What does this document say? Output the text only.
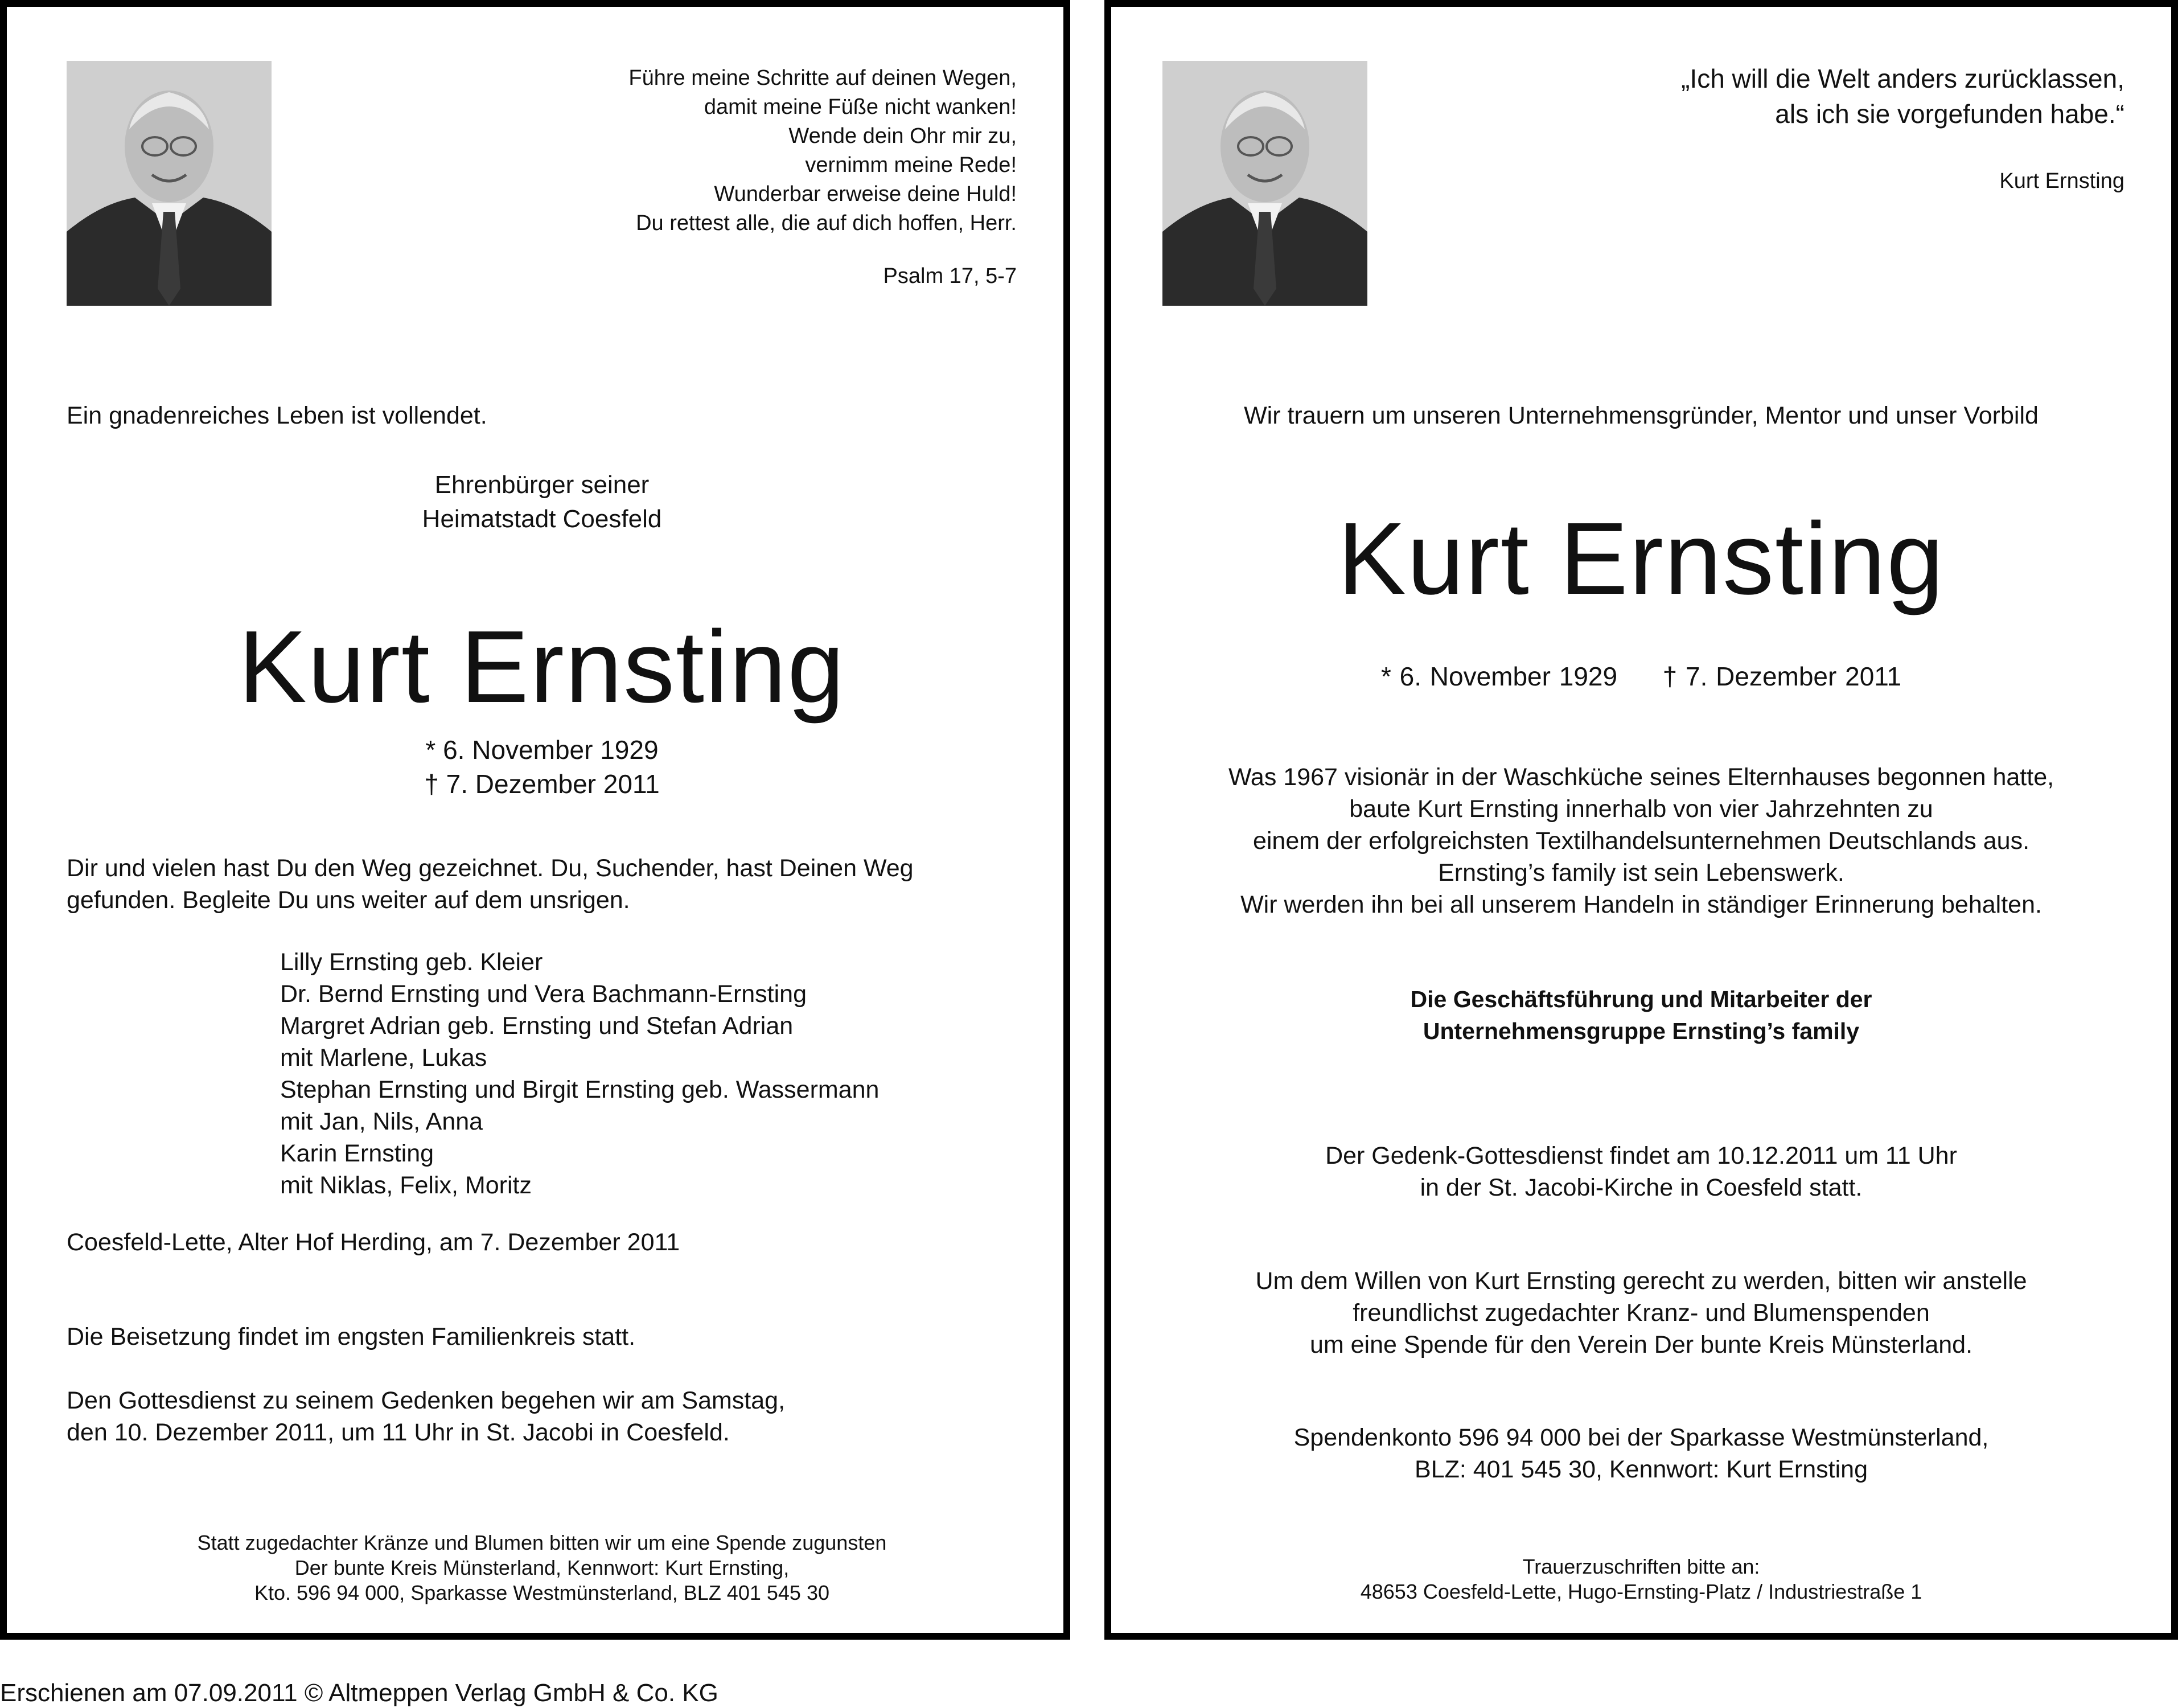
Führe meine Schritte auf deinen Wegen,
damit meine Füße nicht wanken!
Wende dein Ohr mir zu,
vernimm meine Rede!
Wunderbar erweise deine Huld!
Du rettest alle, die auf dich hoffen, Herr.
Psalm 17, 5-7
Ein gnadenreiches Leben ist vollendet.
Ehrenbürger seiner
Heimatstadt Coesfeld
Kurt Ernsting
* 6. November 1929
† 7. Dezember 2011
Dir und vielen hast Du den Weg gezeichnet. Du, Suchender, hast Deinen Weg
gefunden. Begleite Du uns weiter auf dem unsrigen.
Lilly Ernsting geb. Kleier
Dr. Bernd Ernsting und Vera Bachmann-Ernsting
Margret Adrian geb. Ernsting und Stefan Adrian
mit Marlene, Lukas
Stephan Ernsting und Birgit Ernsting geb. Wassermann
mit Jan, Nils, Anna
Karin Ernsting
mit Niklas, Felix, Moritz
Coesfeld-Lette, Alter Hof Herding, am 7. Dezember 2011
Die Beisetzung findet im engsten Familienkreis statt.
Den Gottesdienst zu seinem Gedenken begehen wir am Samstag,
den 10. Dezember 2011, um 11 Uhr in St. Jacobi in Coesfeld.
Statt zugedachter Kränze und Blumen bitten wir um eine Spende zugunsten
Der bunte Kreis Münsterland, Kennwort: Kurt Ernsting,
Kto. 596 94 000, Sparkasse Westmünsterland, BLZ 401 545 30
„Ich will die Welt anders zurücklassen,
als ich sie vorgefunden habe.“
Kurt Ernsting
Wir trauern um unseren Unternehmensgründer, Mentor und unser Vorbild
Kurt Ernsting
* 6. November 1929 † 7. Dezember 2011
Was 1967 visionär in der Waschküche seines Elternhauses begonnen hatte,
baute Kurt Ernsting innerhalb von vier Jahrzehnten zu
einem der erfolgreichsten Textilhandelsunternehmen Deutschlands aus.
Ernsting’s family ist sein Lebenswerk.
Wir werden ihn bei all unserem Handeln in ständiger Erinnerung behalten.
Die Geschäftsführung und Mitarbeiter der
Unternehmensgruppe Ernsting’s family
Der Gedenk-Gottesdienst findet am 10.12.2011 um 11 Uhr
in der St. Jacobi-Kirche in Coesfeld statt.
Um dem Willen von Kurt Ernsting gerecht zu werden, bitten wir anstelle
freundlichst zugedachter Kranz- und Blumenspenden
um eine Spende für den Verein Der bunte Kreis Münsterland.
Spendenkonto 596 94 000 bei der Sparkasse Westmünsterland,
BLZ: 401 545 30, Kennwort: Kurt Ernsting
Trauerzuschriften bitte an:
48653 Coesfeld-Lette, Hugo-Ernsting-Platz / Industriestraße 1
Erschienen am 07.09.2011 © Altmeppen Verlag GmbH & Co. KG
